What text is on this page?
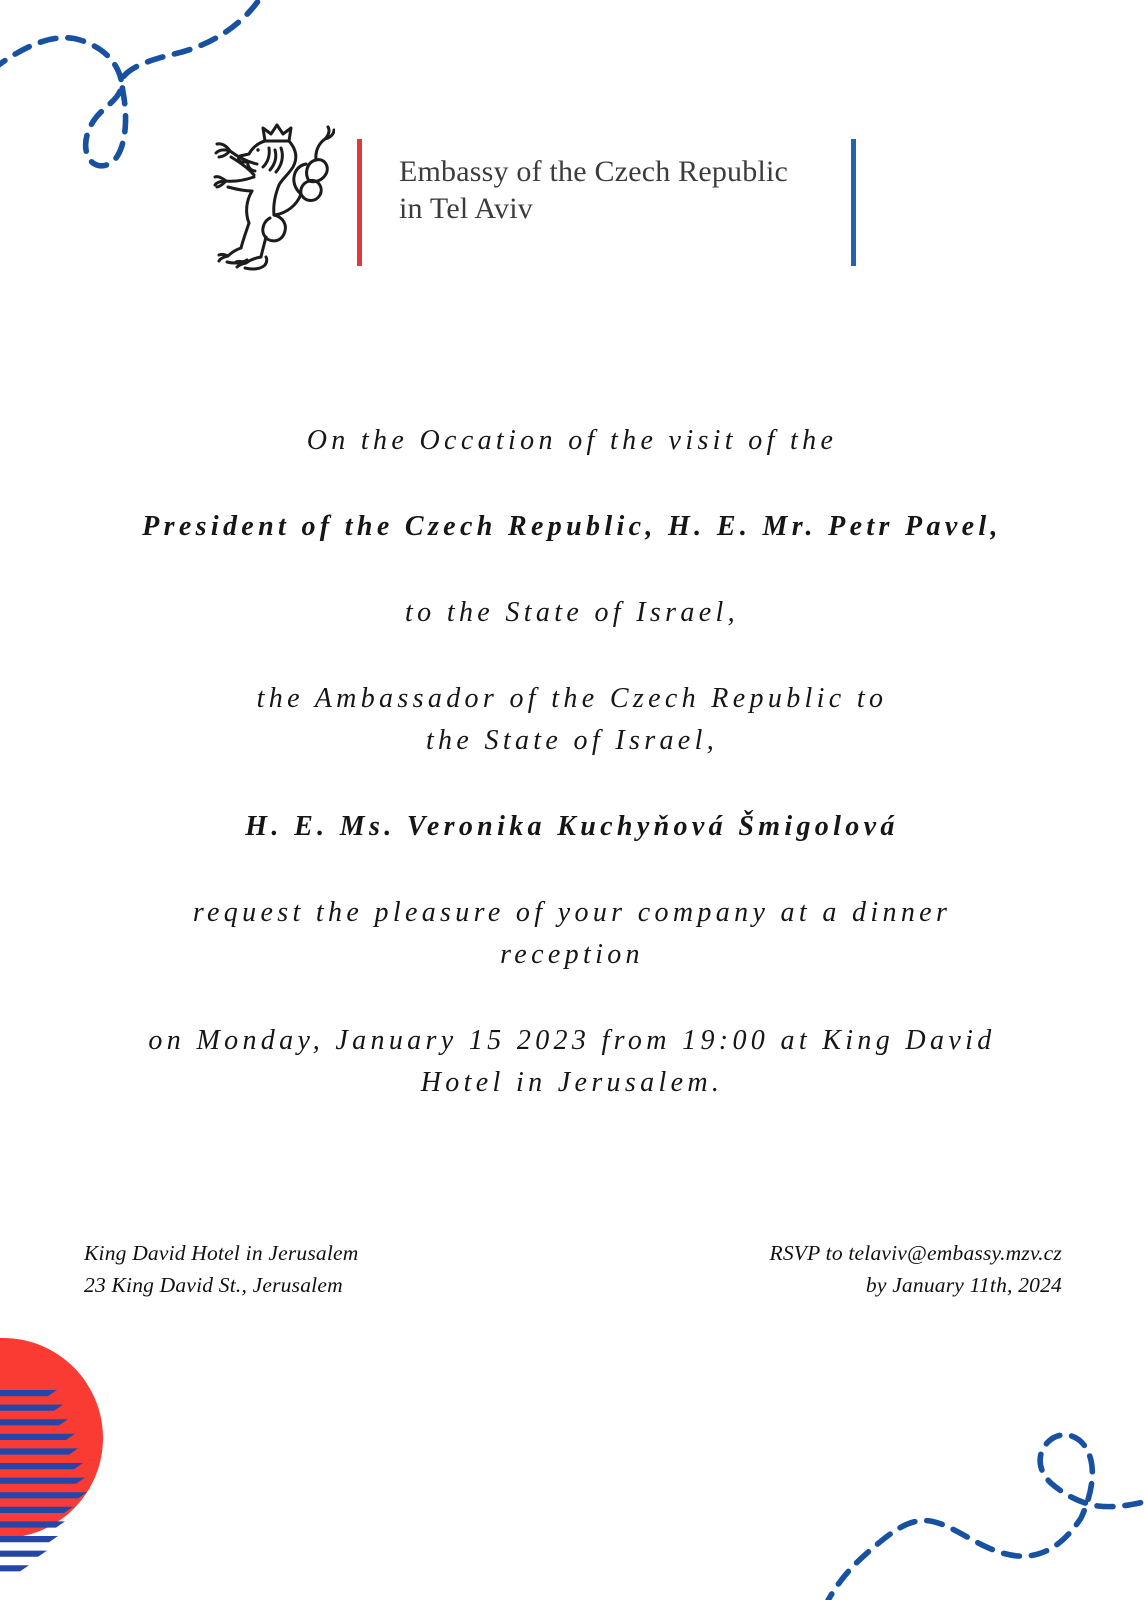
Embassy of the Czech Republic
in Tel Aviv
On the Occation of the visit of the
President of the Czech Republic, H. E. Mr. Petr Pavel,
to the State of Israel,
the Ambassador of the Czech Republic to
the State of Israel,
H. E. Ms. Veronika Kuchyňová Šmigolová
request the pleasure of your company at a dinner
reception
on Monday, January 15 2023 from 19:00 at King David
Hotel in Jerusalem.
King David Hotel in Jerusalem
23 King David St., Jerusalem
RSVP to telaviv@embassy.mzv.cz
by January 11th, 2024
